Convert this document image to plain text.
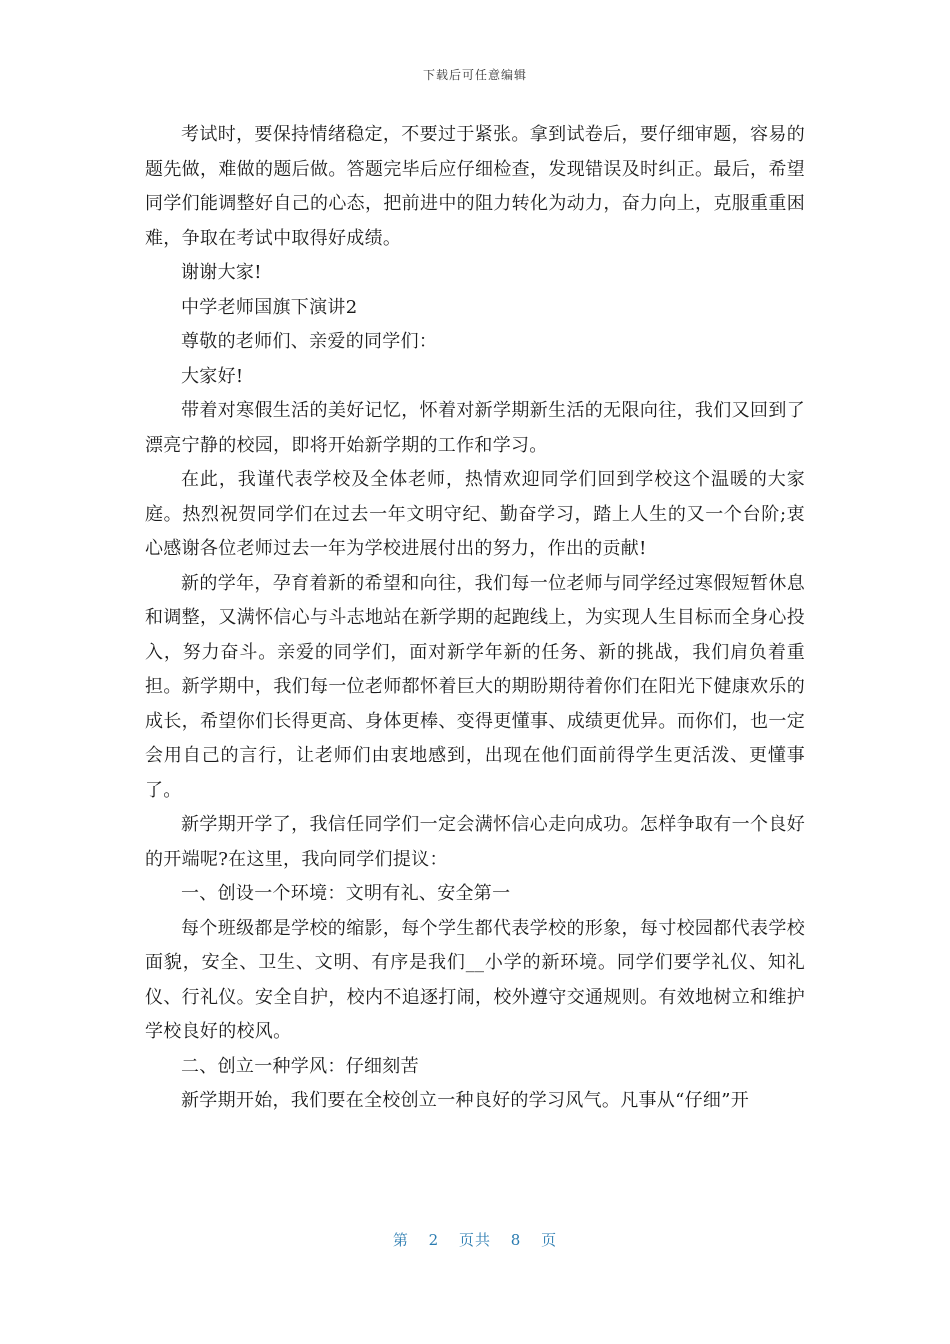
下载后可任意编辑

考试时，要保持情绪稳定，不要过于紧张。拿到试卷后，要仔细审题，容易的题先做，难做的题后做。答题完毕后应仔细检查，发现错误及时纠正。最后，希望同学们能调整好自己的心态，把前进中的阻力转化为动力，奋力向上，克服重重困难，争取在考试中取得好成绩。

谢谢大家!

中学老师国旗下演讲2

尊敬的老师们、亲爱的同学们：

大家好!

带着对寒假生活的美好记忆，怀着对新学期新生活的无限向往，我们又回到了漂亮宁静的校园，即将开始新学期的工作和学习。

在此，我谨代表学校及全体老师，热情欢迎同学们回到学校这个温暖的大家庭。热烈祝贺同学们在过去一年文明守纪、勤奋学习，踏上人生的又一个台阶;衷心感谢各位老师过去一年为学校进展付出的努力，作出的贡献!

新的学年，孕育着新的希望和向往，我们每一位老师与同学经过寒假短暂休息和调整，又满怀信心与斗志地站在新学期的起跑线上，为实现人生目标而全身心投入，努力奋斗。亲爱的同学们，面对新学年新的任务、新的挑战，我们肩负着重担。新学期中，我们每一位老师都怀着巨大的期盼期待着你们在阳光下健康欢乐的成长，希望你们长得更高、身体更棒、变得更懂事、成绩更优异。而你们，也一定会用自己的言行，让老师们由衷地感到，出现在他们面前得学生更活泼、更懂事了。

新学期开学了，我信任同学们一定会满怀信心走向成功。怎样争取有一个良好的开端呢?在这里，我向同学们提议：

一、创设一个环境：文明有礼、安全第一

每个班级都是学校的缩影，每个学生都代表学校的形象，每寸校园都代表学校面貌，安全、卫生、文明、有序是我们__小学的新环境。同学们要学礼仪、知礼仪、行礼仪。安全自护，校内不追逐打闹，校外遵守交通规则。有效地树立和维护学校良好的校风。

二、创立一种学风：仔细刻苦

新学期开始，我们要在全校创立一种良好的学习风气。凡事从“仔细”开

第 2 页共 8 页
